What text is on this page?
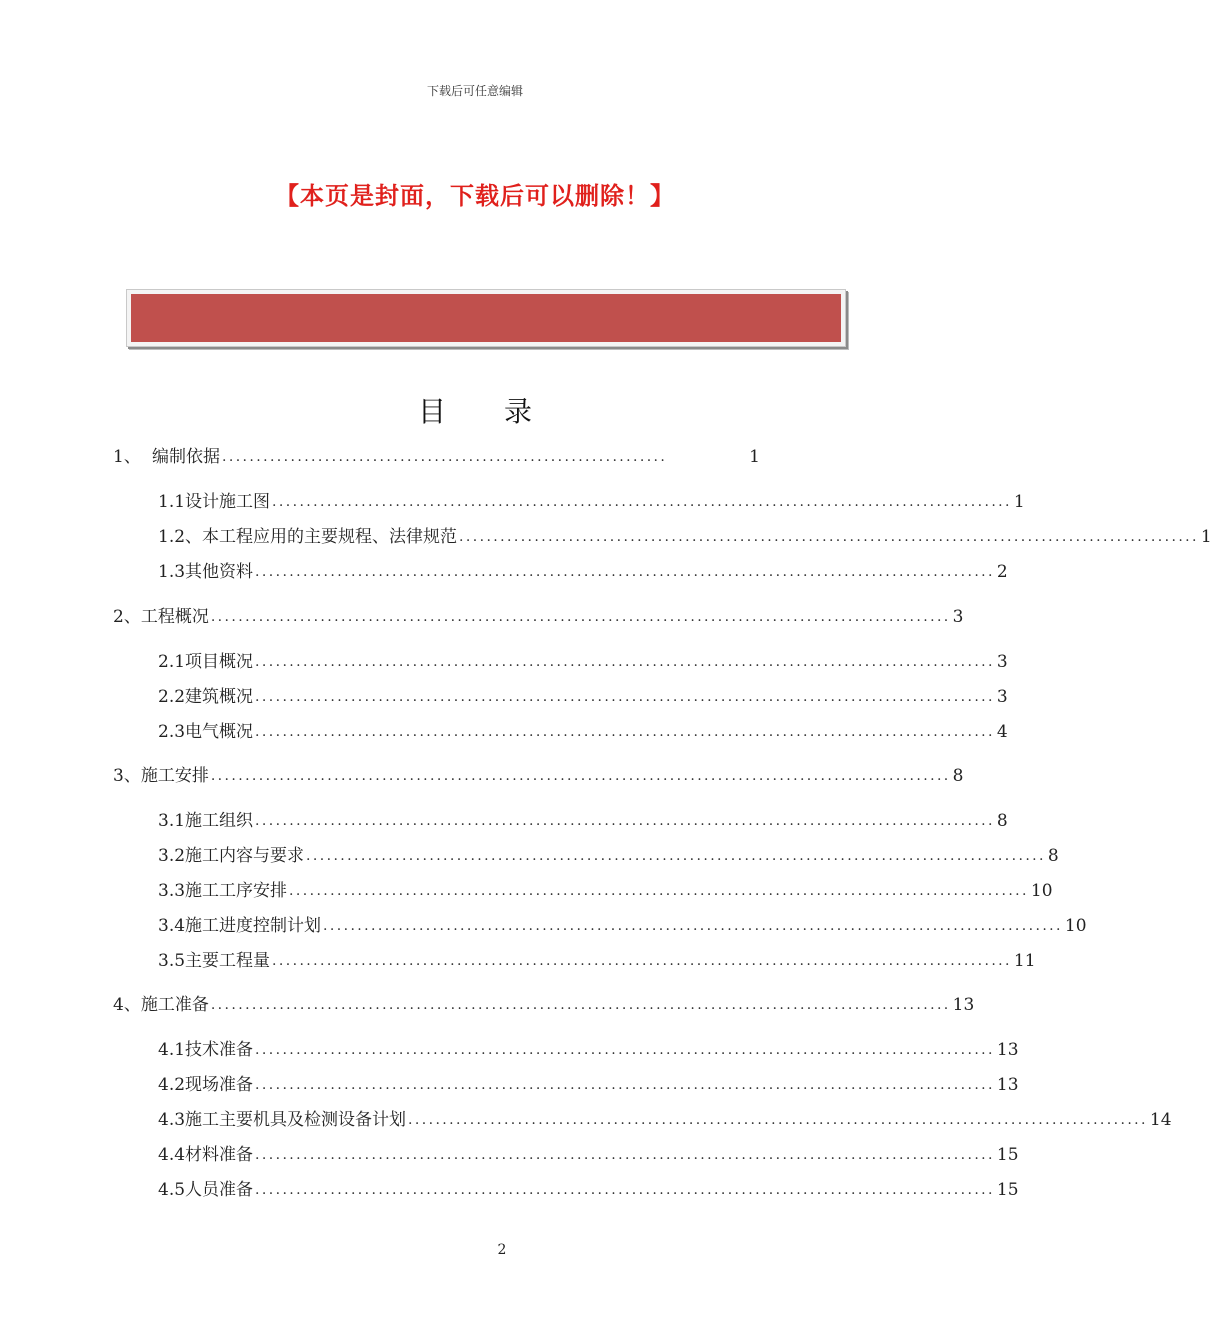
下载后可任意编辑
【本页是封面，下载后可以删除！】
目 录
1、 编制依据 .................................................................	1
1.1 设计施工图 ............................................................................................................ 1
1.2、 本工程应用的主要规程、法律规范 ............................................................................................................ 1
1.3 其他资料 ............................................................................................................ 2
2、 工程概况 ............................................................................................................ 3
2.1 项目概况 ............................................................................................................ 3
2.2 建筑概况 ............................................................................................................ 3
2.3 电气概况 ............................................................................................................ 4
3、 施工安排 ............................................................................................................ 8
3.1 施工组织 ............................................................................................................ 8
3.2 施工内容与要求 ............................................................................................................ 8
3.3 施工工序安排 ............................................................................................................ 10
3.4 施工进度控制计划 ............................................................................................................ 10
3.5 主要工程量 ............................................................................................................ 11
4、 施工准备 ............................................................................................................ 13
4.1 技术准备 ............................................................................................................ 13
4.2 现场准备 ............................................................................................................ 13
4.3 施工主要机具及检测设备计划 ............................................................................................................ 14
4.4 材料准备 ............................................................................................................ 15
4.5 人员准备 ............................................................................................................ 15
2
